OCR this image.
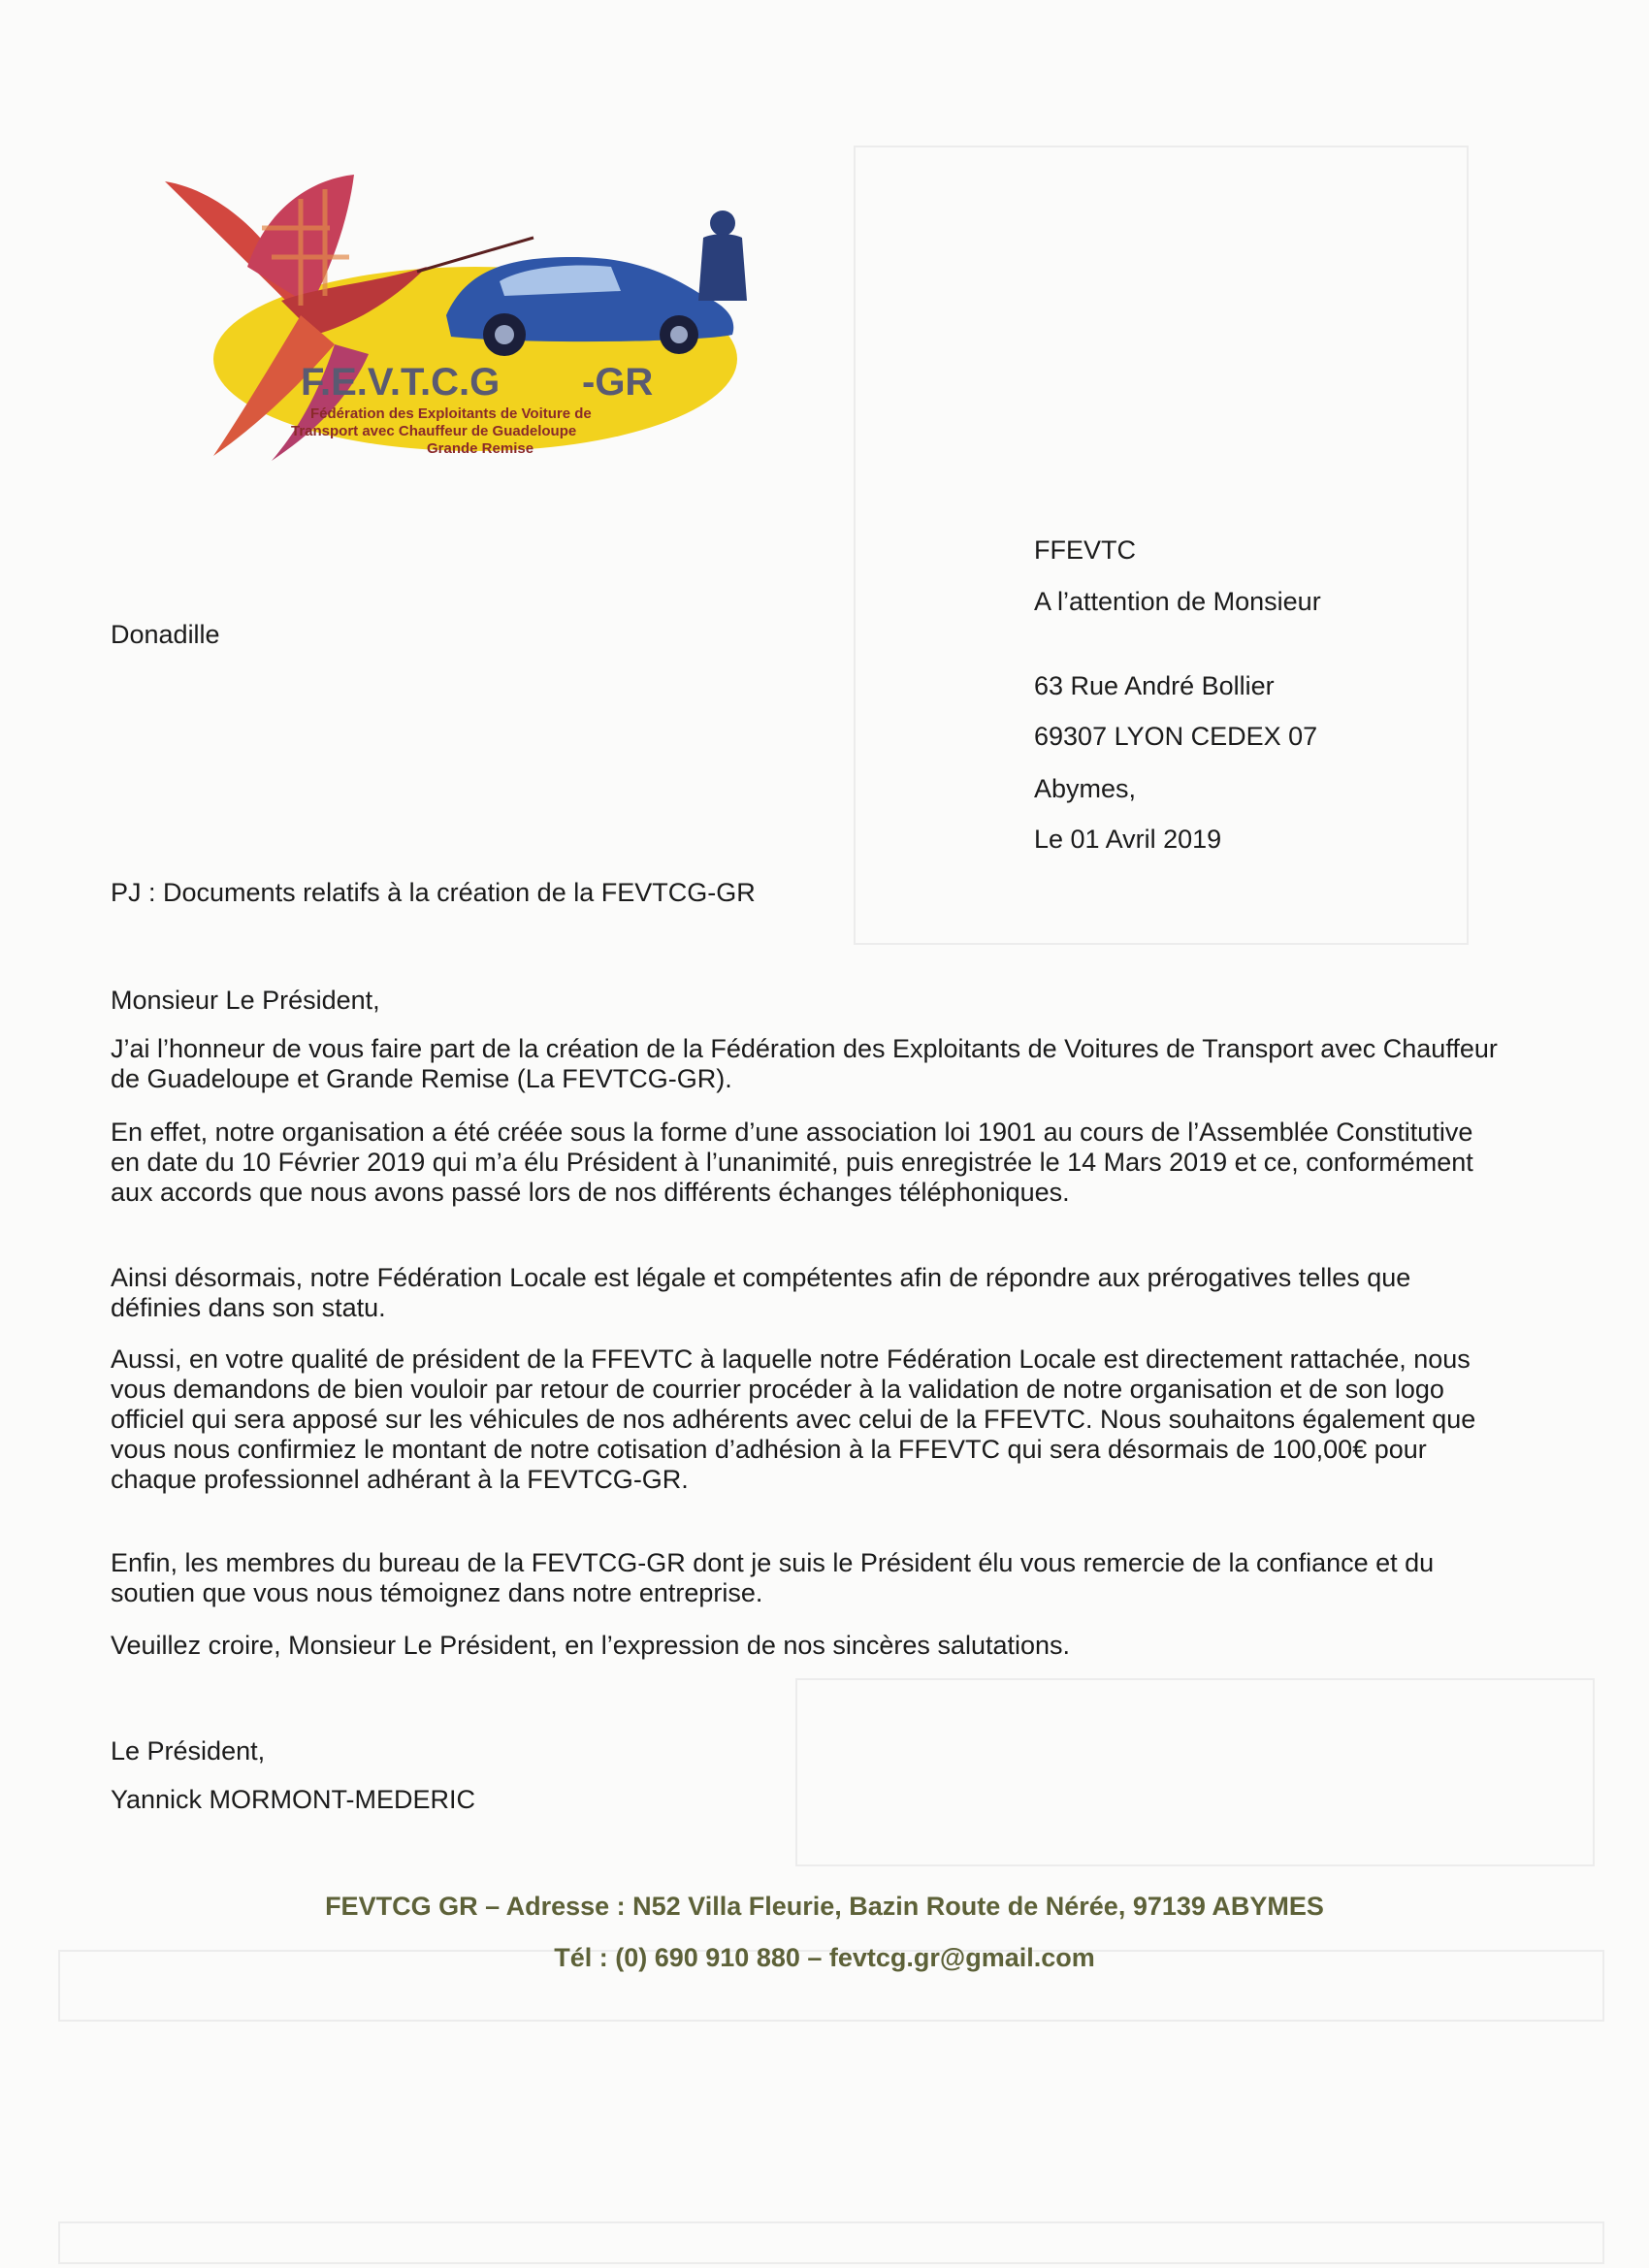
F.E.V.T.C.G -GR
Fédération des Exploitants de Voiture de
Transport avec Chauffeur de Guadeloupe
Grande Remise
FFEVTC
A l’attention de Monsieur
Donadille
63 Rue André Bollier
69307 LYON CEDEX 07
Abymes,
Le 01 Avril 2019
PJ : Documents relatifs à la création de la FEVTCG-GR
Monsieur Le Président,
J’ai l’honneur de vous faire part de la création de la Fédération des Exploitants de Voitures de Transport avec Chauffeur de Guadeloupe et Grande Remise (La FEVTCG-GR).
En effet, notre organisation a été créée sous la forme d’une association loi 1901 au cours de l’Assemblée Constitutive en date du 10 Février 2019 qui m’a élu Président à l’unanimité, puis enregistrée le 14 Mars 2019 et ce, conformément aux accords que nous avons passé lors de nos différents échanges téléphoniques.
Ainsi désormais, notre Fédération Locale est légale et compétentes afin de répondre aux prérogatives telles que définies dans son statu.
Aussi, en votre qualité de président de la FFEVTC à laquelle notre Fédération Locale est directement rattachée, nous vous demandons de bien vouloir par retour de courrier procéder à la validation de notre organisation et de son logo officiel qui sera apposé sur les véhicules de nos adhérents avec celui de la FFEVTC. Nous souhaitons également que vous nous confirmiez le montant de notre cotisation d’adhésion à la FFEVTC qui sera désormais de 100,00€ pour chaque professionnel adhérant à la FEVTCG-GR.
Enfin, les membres du bureau de la FEVTCG-GR dont je suis le Président élu vous remercie de la confiance et du soutien que vous nous témoignez dans notre entreprise.
Veuillez croire, Monsieur Le Président, en l’expression de nos sincères salutations.
Le Président,
Yannick MORMONT-MEDERIC
FEVTCG GR – Adresse : N52 Villa Fleurie, Bazin Route de Nérée, 97139 ABYMES
Tél : (0) 690 910 880 – fevtcg.gr@gmail.com
